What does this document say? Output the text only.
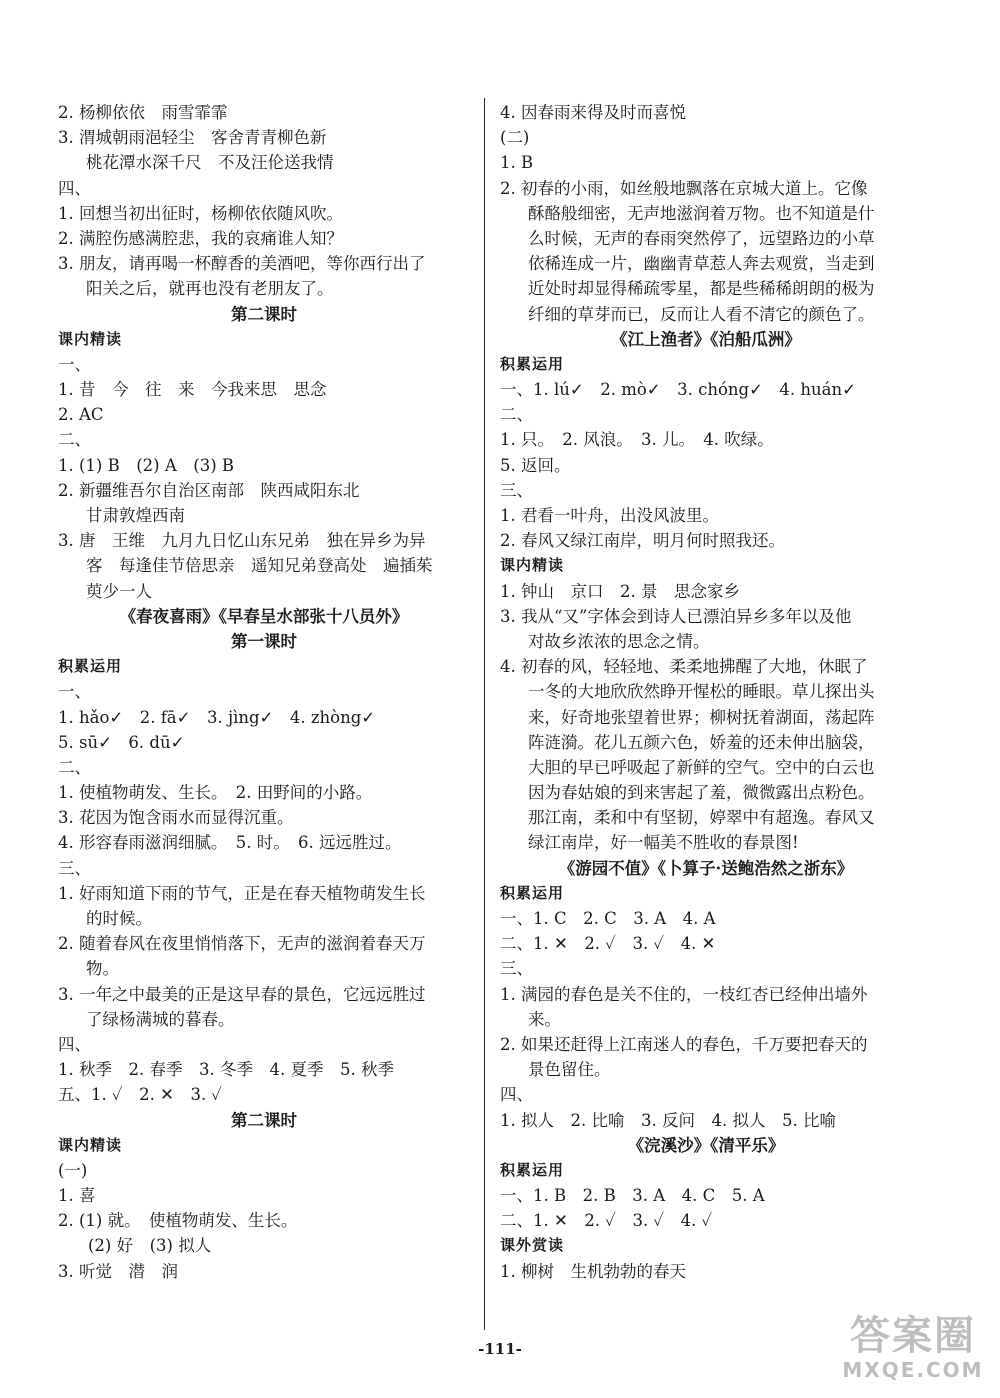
2. 杨柳依依　雨雪霏霏
3. 渭城朝雨浥轻尘　客舍青青柳色新
桃花潭水深千尺　不及汪伦送我情
四、
1. 回想当初出征时，杨柳依依随风吹。
2. 满腔伤感满腔悲，我的哀痛谁人知？
3. 朋友，请再喝一杯醇香的美酒吧，等你西行出了
阳关之后，就再也没有老朋友了。
第二课时
课内精读
一、
1. 昔　今　往　来　今我来思　思念
2. AC
二、
1. (1) B　(2) A　(3) B
2. 新疆维吾尔自治区南部　陕西咸阳东北
甘肃敦煌西南
3. 唐　王维　九月九日忆山东兄弟　独在异乡为异
客　每逢佳节倍思亲　遥知兄弟登高处　遍插茱
萸少一人
《春夜喜雨》《早春呈水部张十八员外》
第一课时
积累运用
一、
1. hǎo✓　2. fā✓　3. jìng✓　4. zhòng✓
5. sū✓　6. dū✓
二、
1. 使植物萌发、生长。　2. 田野间的小路。
3. 花因为饱含雨水而显得沉重。
4. 形容春雨滋润细腻。　5. 时。　6. 远远胜过。
三、
1. 好雨知道下雨的节气，正是在春天植物萌发生长
的时候。
2. 随着春风在夜里悄悄落下，无声的滋润着春天万
物。
3. 一年之中最美的正是这早春的景色，它远远胜过
了绿杨满城的暮春。
四、
1. 秋季　2. 春季　3. 冬季　4. 夏季　5. 秋季
五、1. ✓　2. ✕　3. ✓
第二课时
课内精读
(一)
1. 喜
2. (1) 就。　使植物萌发、生长。
(2) 好　(3) 拟人
3. 听觉　潜　润
4. 因春雨来得及时而喜悦
(二)
1. B
2. 初春的小雨，如丝般地飘落在京城大道上。它像
酥酪般细密，无声地滋润着万物。也不知道是什
么时候，无声的春雨突然停了，远望路边的小草
依稀连成一片，幽幽青草惹人奔去观赏，当走到
近处时却显得稀疏零星，都是些稀稀朗朗的极为
纤细的草芽而已，反而让人看不清它的颜色了。
《江上渔者》《泊船瓜洲》
积累运用
一、1. lú✓　2. mò✓　3. chóng✓　4. huán✓
二、
1. 只。　2. 风浪。　3. 儿。　4. 吹绿。
5. 返回。
三、
1. 君看一叶舟，出没风波里。
2. 春风又绿江南岸，明月何时照我还。
课内精读
1. 钟山　京口　2. 景　思念家乡
3. 我从“又”字体会到诗人已漂泊异乡多年以及他
对故乡浓浓的思念之情。
4. 初春的风，轻轻地、柔柔地拂醒了大地，休眠了
一冬的大地欣欣然睁开惺松的睡眼。草儿探出头
来，好奇地张望着世界；柳树抚着湖面，荡起阵
阵涟漪。花儿五颜六色，娇羞的还未伸出脑袋，
大胆的早已呼吸起了新鲜的空气。空中的白云也
因为春姑娘的到来害起了羞，微微露出点粉色。
那江南，柔和中有坚韧，婷翠中有超逸。春风又
绿江南岸，好一幅美不胜收的春景图!
《游园不值》《卜算子·送鲍浩然之浙东》
积累运用
一、1. C　2. C　3. A　4. A
二、1. ✕　2. ✓　3. ✓　4. ✕
三、
1. 满园的春色是关不住的，一枝红杏已经伸出墙外
来。
2. 如果还赶得上江南迷人的春色，千万要把春天的
景色留住。
四、
1. 拟人　2. 比喻　3. 反问　4. 拟人　5. 比喻
《浣溪沙》《清平乐》
积累运用
一、1. B　2. B　3. A　4. C　5. A
二、1. ✕　2. ✓　3. ✓　4. ✓
课外赏读
1. 柳树　生机勃勃的春天
-111-	答案圈
MXQE.COM
